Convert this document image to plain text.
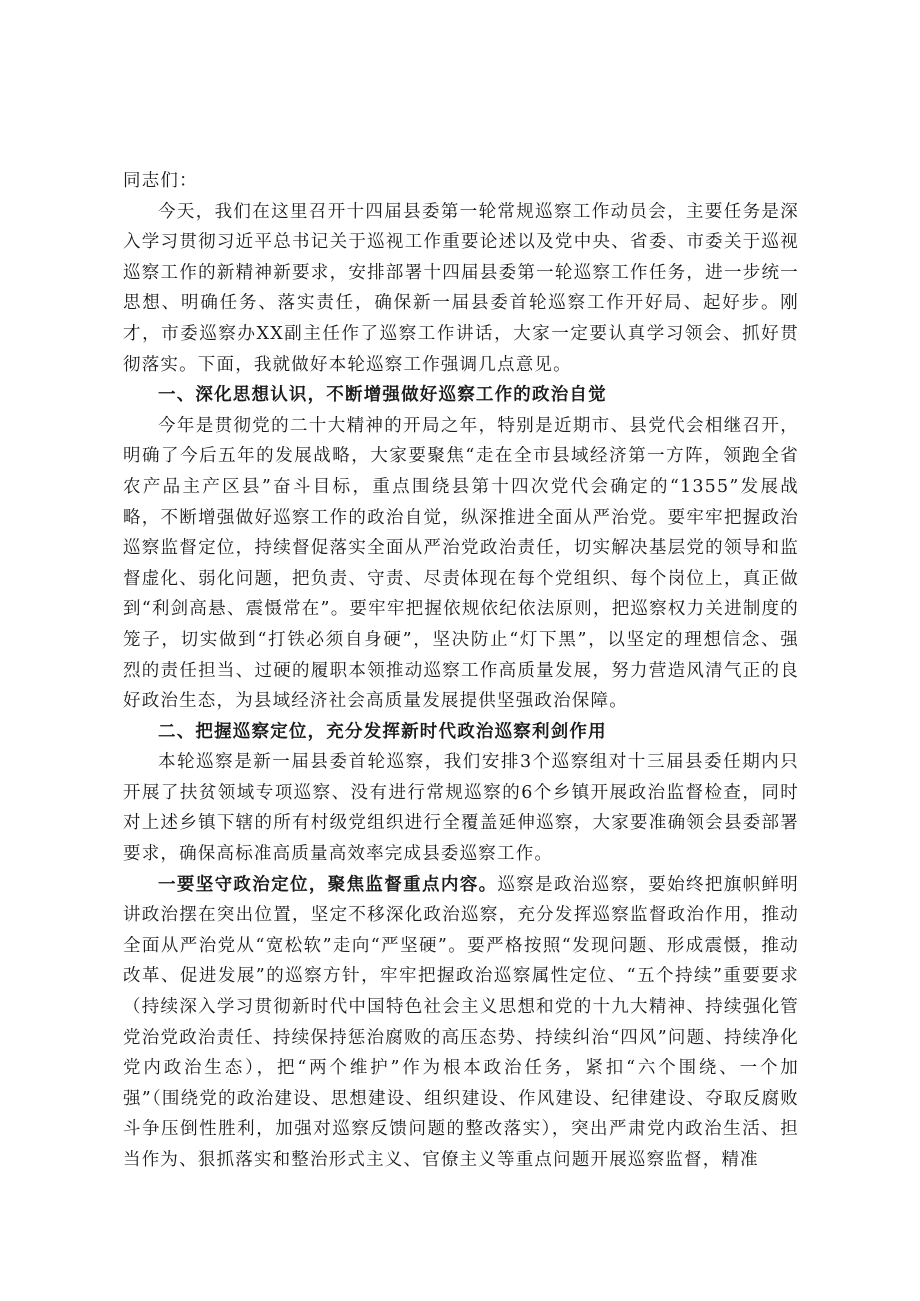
同志们：

今天，我们在这里召开十四届县委第一轮常规巡察工作动员会，主要任务是深入学习贯彻习近平总书记关于巡视工作重要论述以及党中央、省委、市委关于巡视巡察工作的新精神新要求，安排部署十四届县委第一轮巡察工作任务，进一步统一思想、明确任务、落实责任，确保新一届县委首轮巡察工作开好局、起好步。刚才，市委巡察办XX副主任作了巡察工作讲话，大家一定要认真学习领会、抓好贯彻落实。下面，我就做好本轮巡察工作强调几点意见。

一、深化思想认识，不断增强做好巡察工作的政治自觉

今年是贯彻党的二十大精神的开局之年，特别是近期市、县党代会相继召开，明确了今后五年的发展战略，大家要聚焦“走在全市县域经济第一方阵，领跑全省农产品主产区县”奋斗目标，重点围绕县第十四次党代会确定的“1355”发展战略，不断增强做好巡察工作的政治自觉，纵深推进全面从严治党。要牢牢把握政治巡察监督定位，持续督促落实全面从严治党政治责任，切实解决基层党的领导和监督虚化、弱化问题，把负责、守责、尽责体现在每个党组织、每个岗位上，真正做到“利剑高悬、震慑常在”。要牢牢把握依规依纪依法原则，把巡察权力关进制度的笼子，切实做到“打铁必须自身硬”，坚决防止“灯下黑”，以坚定的理想信念、强烈的责任担当、过硬的履职本领推动巡察工作高质量发展，努力营造风清气正的良好政治生态，为县域经济社会高质量发展提供坚强政治保障。

二、把握巡察定位，充分发挥新时代政治巡察利剑作用

本轮巡察是新一届县委首轮巡察，我们安排3个巡察组对十三届县委任期内只开展了扶贫领域专项巡察、没有进行常规巡察的6个乡镇开展政治监督检查，同时对上述乡镇下辖的所有村级党组织进行全覆盖延伸巡察，大家要准确领会县委部署要求，确保高标准高质量高效率完成县委巡察工作。

一要坚守政治定位，聚焦监督重点内容。巡察是政治巡察，要始终把旗帜鲜明讲政治摆在突出位置，坚定不移深化政治巡察，充分发挥巡察监督政治作用，推动全面从严治党从“宽松软”走向“严坚硬”。要严格按照“发现问题、形成震慑，推动改革、促进发展”的巡察方针，牢牢把握政治巡察属性定位、“五个持续”重要要求（持续深入学习贯彻新时代中国特色社会主义思想和党的十九大精神、持续强化管党治党政治责任、持续保持惩治腐败的高压态势、持续纠治“四风”问题、持续净化党内政治生态），把“两个维护”作为根本政治任务，紧扣“六个围绕、一个加强”（围绕党的政治建设、思想建设、组织建设、作风建设、纪律建设、夺取反腐败斗争压倒性胜利，加强对巡察反馈问题的整改落实），突出严肃党内政治生活、担当作为、狠抓落实和整治形式主义、官僚主义等重点问题开展巡察监督，精准
